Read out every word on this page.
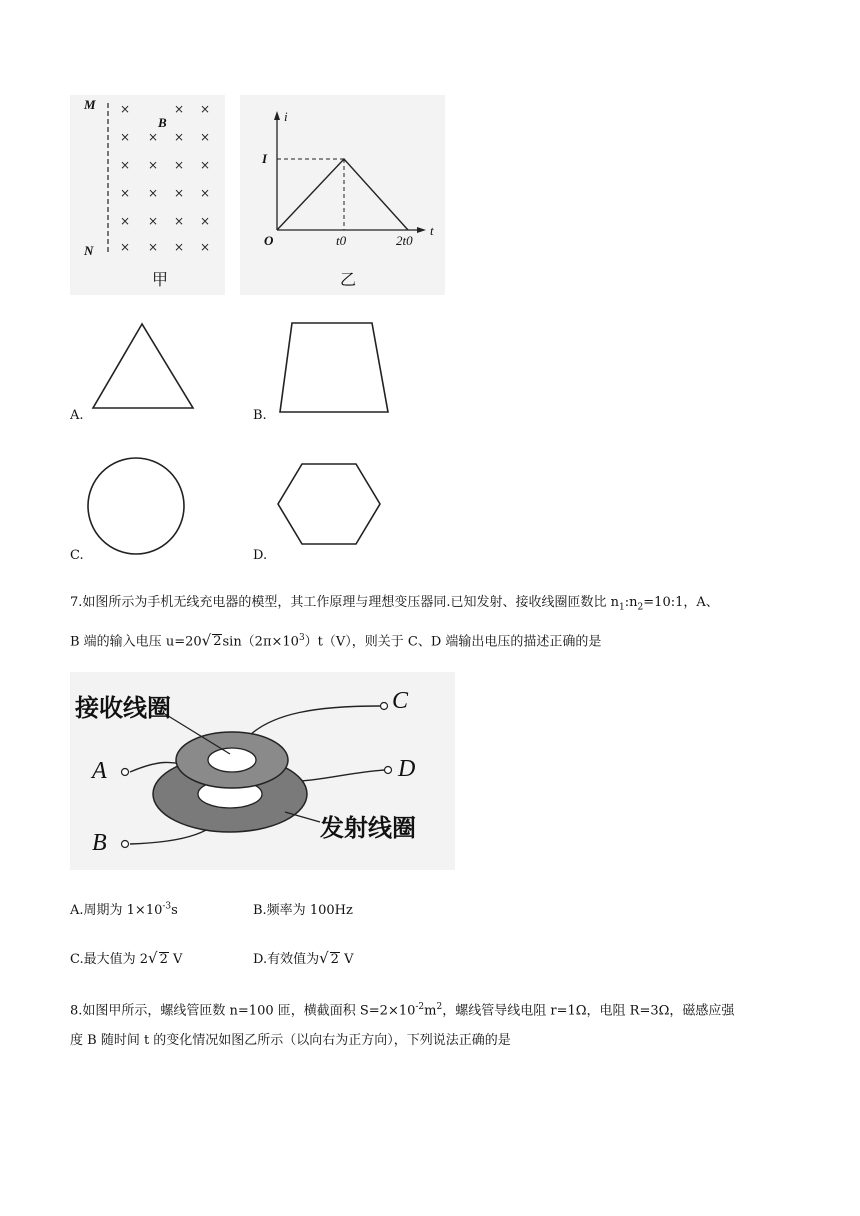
×	× ×
× × × ×
× × × ×
× × × ×
× × × ×
× × × ×
M
N
B
甲
i
I
O	t0	2t0
t
乙
A.	B.
C.	D.
7.如图所示为手机无线充电器的模型，其工作原理与理想变压器同.已知发射、接收线圈匝数比 $n_1:n_2=10:1$，A、
B 端的输入电压 u=20√ $2\sin(2\pi\times 10^3)t(V)$，则关于 C、D 端输出电压的描述正确的是
接收线圈
发射线圈
C
D
A
B
A.周期为 $1\times 10^{-3}s$	B.频率为 100Hz
C.最大值为 2√ 2 V	D.有效值为√ 2 V
8.如图甲所示，螺线管匝数 n=100 匝，横截面积 $S=2\times 10^{-2}m^2$，螺线管导线电阻 r=1Ω，电阻 R=3Ω，磁感应强
度 B 随时间 t 的变化情况如图乙所示（以向右为正方向），下列说法正确的是
